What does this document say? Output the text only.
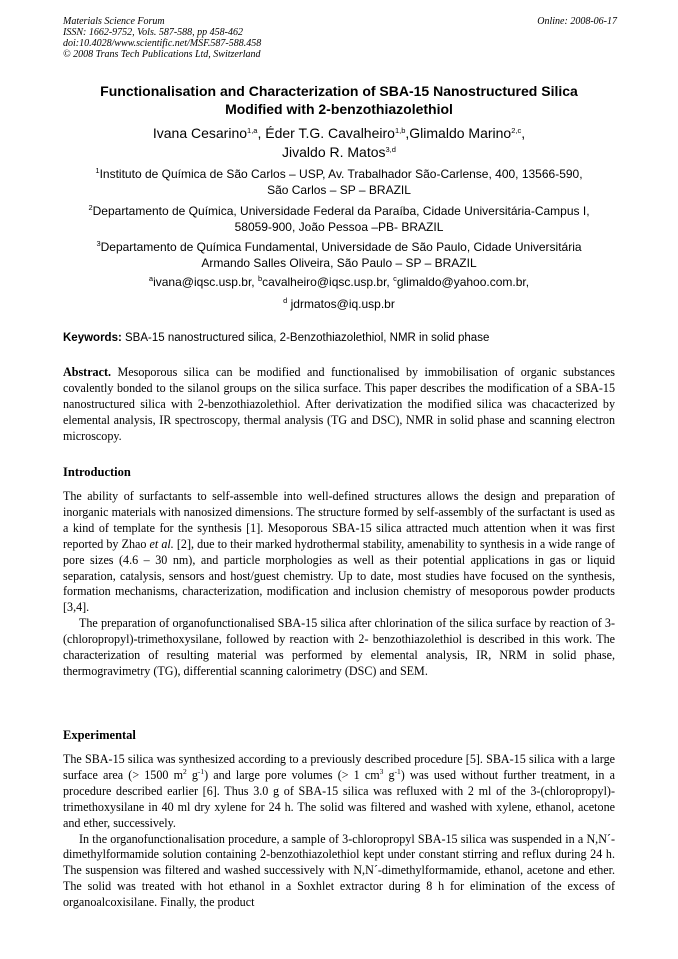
Materials Science Forum
ISSN: 1662-9752, Vols. 587-588, pp 458-462
doi:10.4028/www.scientific.net/MSF.587-588.458
© 2008 Trans Tech Publications Ltd, Switzerland
Online: 2008-06-17
Functionalisation and Characterization of SBA-15 Nanostructured Silica
Modified with 2-benzothiazolethiol
Ivana Cesarino$^{1,a}$, Éder T.G. Cavalheiro$^{1,b}$,Glimaldo Marino$^{2,c}$,
Jivaldo R. Matos$^{3,d}$
$^1$Instituto de Química de São Carlos – USP, Av. Trabalhador São-Carlense, 400, 13566-590,
São Carlos – SP – BRAZIL
$^2$Departamento de Química, Universidade Federal da Paraíba, Cidade Universitária-Campus I,
58059-900, João Pessoa –PB- BRAZIL
$^3$Departamento de Química Fundamental, Universidade de São Paulo, Cidade Universitária
Armando Salles Oliveira, São Paulo – SP – BRAZIL
$^a$ivana@iqsc.usp.br, $^b$cavalheiro@iqsc.usp.br, $^c$glimaldo@yahoo.com.br,
$^d$ jdrmatos@iq.usp.br
Keywords: SBA-15 nanostructured silica, 2-Benzothiazolethiol, NMR in solid phase

Abstract. Mesoporous silica can be modified and functionalised by immobilisation of organic substances covalently bonded to the silanol groups on the silica surface. This paper describes the modification of a SBA-15 nanostructured silica with 2-benzothiazolethiol. After derivatization the modified silica was chacacterized by elemental analysis, IR spectroscopy, thermal analysis (TG and DSC), NMR in solid phase and scanning electron microscopy.

Introduction

The ability of surfactants to self-assemble into well-defined structures allows the design and preparation of inorganic materials with nanosized dimensions. The structure formed by self-assembly of the surfactant is used as a kind of template for the synthesis [1]. Mesoporous SBA-15 silica attracted much attention when it was first reported by Zhao et al. [2], due to their marked hydrothermal stability, amenability to synthesis in a wide range of pore sizes (4.6 – 30 nm), and particle morphologies as well as their potential applications in gas or liquid separation, catalysis, sensors and host/guest chemistry. Up to date, most studies have focused on the synthesis, formation mechanisms, characterization, modification and inclusion chemistry of mesoporous powder products [3,4].

The preparation of organofunctionalised SBA-15 silica after chlorination of the silica surface by reaction of 3-(chloropropyl)-trimethoxysilane, followed by reaction with 2- benzothiazolethiol is described in this work. The characterization of resulting material was performed by elemental analysis, IR, NRM in solid phase, thermogravimetry (TG), differential scanning calorimetry (DSC) and SEM.

Experimental

The SBA-15 silica was synthesized according to a previously described procedure [5]. SBA-15 silica with a large surface area (> 1500 $m^2$ $g^{-1}$) and large pore volumes (> 1 $cm^3$ $g^{-1}$) was used without further treatment, in a procedure described earlier [6]. Thus 3.0 g of SBA-15 silica was refluxed with 2 ml of the 3-(chloropropyl)-trimethoxysilane in 40 ml dry xylene for 24 h. The solid was filtered and washed with xylene, ethanol, acetone and ether, successively.

In the organofunctionalisation procedure, a sample of 3-chloropropyl SBA-15 silica was suspended in a N,N´-dimethylformamide solution containing 2-benzothiazolethiol kept under constant stirring and reflux during 24 h. The suspension was filtered and washed successively with N,N´-dimethylformamide, ethanol, acetone and ether. The solid was treated with hot ethanol in a Soxhlet extractor during 8 h for elimination of the excess of organoalcoxisilane. Finally, the product
